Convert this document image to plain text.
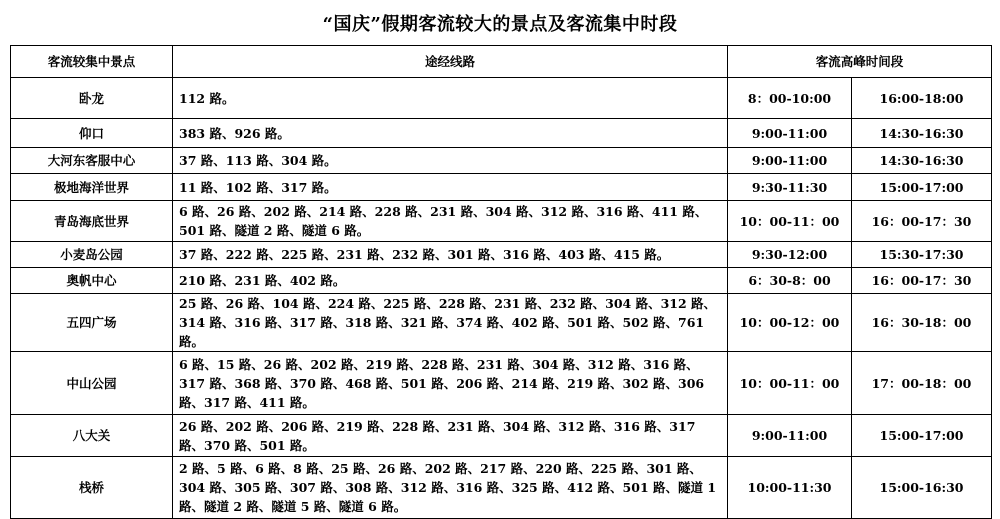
“国庆”假期客流较大的景点及客流集中时段
客流较集中景点	途经线路	客流高峰时间段	
卧龙	112 路。	8：00-10:00	16:00-18:00
仰口	383 路、926 路。	9:00-11:00	14:30-16:30
大河东客服中心	37 路、113 路、304 路。	9:00-11:00	14:30-16:30
极地海洋世界	11 路、102 路、317 路。	9:30-11:30	15:00-17:00
青岛海底世界	6 路、26 路、202 路、214 路、228 路、231 路、304 路、312 路、316 路、411 路、501 路、隧道 2 路、隧道 6 路。	10：00-11：00	16：00-17：30
小麦岛公园	37 路、222 路、225 路、231 路、232 路、301 路、316 路、403 路、415 路。	9:30-12:00	15:30-17:30
奥帆中心	210 路、231 路、402 路。	6：30-8：00	16：00-17：30
五四广场	25 路、26 路、104 路、224 路、225 路、228 路、231 路、232 路、304 路、312 路、314 路、316 路、317 路、318 路、321 路、374 路、402 路、501 路、502 路、761 路。	10：00-12：00	16：30-18：00
中山公园	6 路、15 路、26 路、202 路、219 路、228 路、231 路、304 路、312 路、316 路、317 路、368 路、370 路、468 路、501 路、206 路、214 路、219 路、302 路、306 路、317 路、411 路。	10：00-11：00	17：00-18：00
八大关	26 路、202 路、206 路、219 路、228 路、231 路、304 路、312 路、316 路、317 路、370 路、501 路。	9:00-11:00	15:00-17:00
栈桥	2 路、5 路、6 路、8 路、25 路、26 路、202 路、217 路、220 路、225 路、301 路、304 路、305 路、307 路、308 路、312 路、316 路、325 路、412 路、501 路、隧道 1 路、隧道 2 路、隧道 5 路、隧道 6 路。	10:00-11:30	15:00-16:30
